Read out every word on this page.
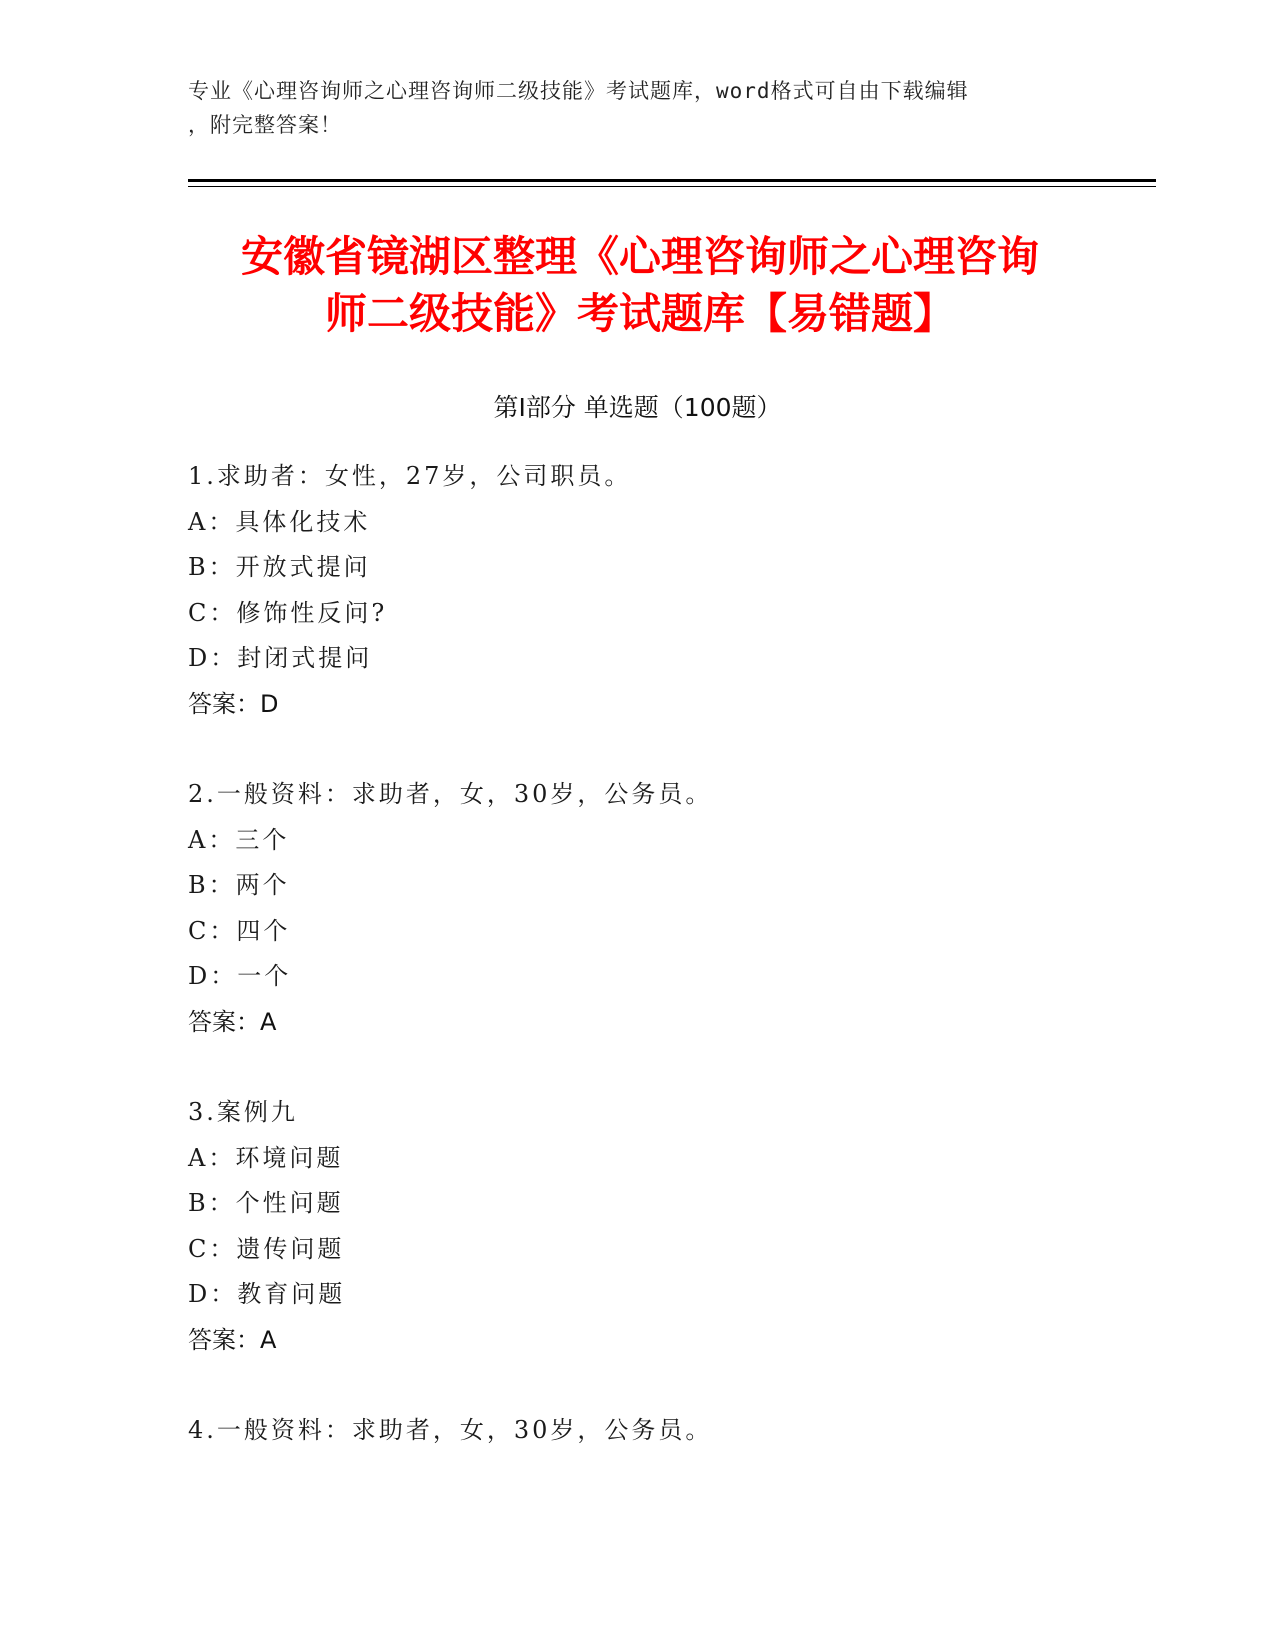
专业《心理咨询师之心理咨询师二级技能》考试题库，word格式可自由下载编辑
，附完整答案！
安徽省镜湖区整理《心理咨询师之心理咨询
师二级技能》考试题库【易错题】
第Ⅰ部分 单选题（100题）
1.求助者：女性，27岁，公司职员。
A：具体化技术
B：开放式提问
C：修饰性反问?
D：封闭式提问
答案：D
2.一般资料：求助者，女，30岁，公务员。
A：三个
B：两个
C：四个
D：一个
答案：A
3.案例九
A：环境问题
B：个性问题
C：遗传问题
D：教育问题
答案：A
4.一般资料：求助者，女，30岁，公务员。
